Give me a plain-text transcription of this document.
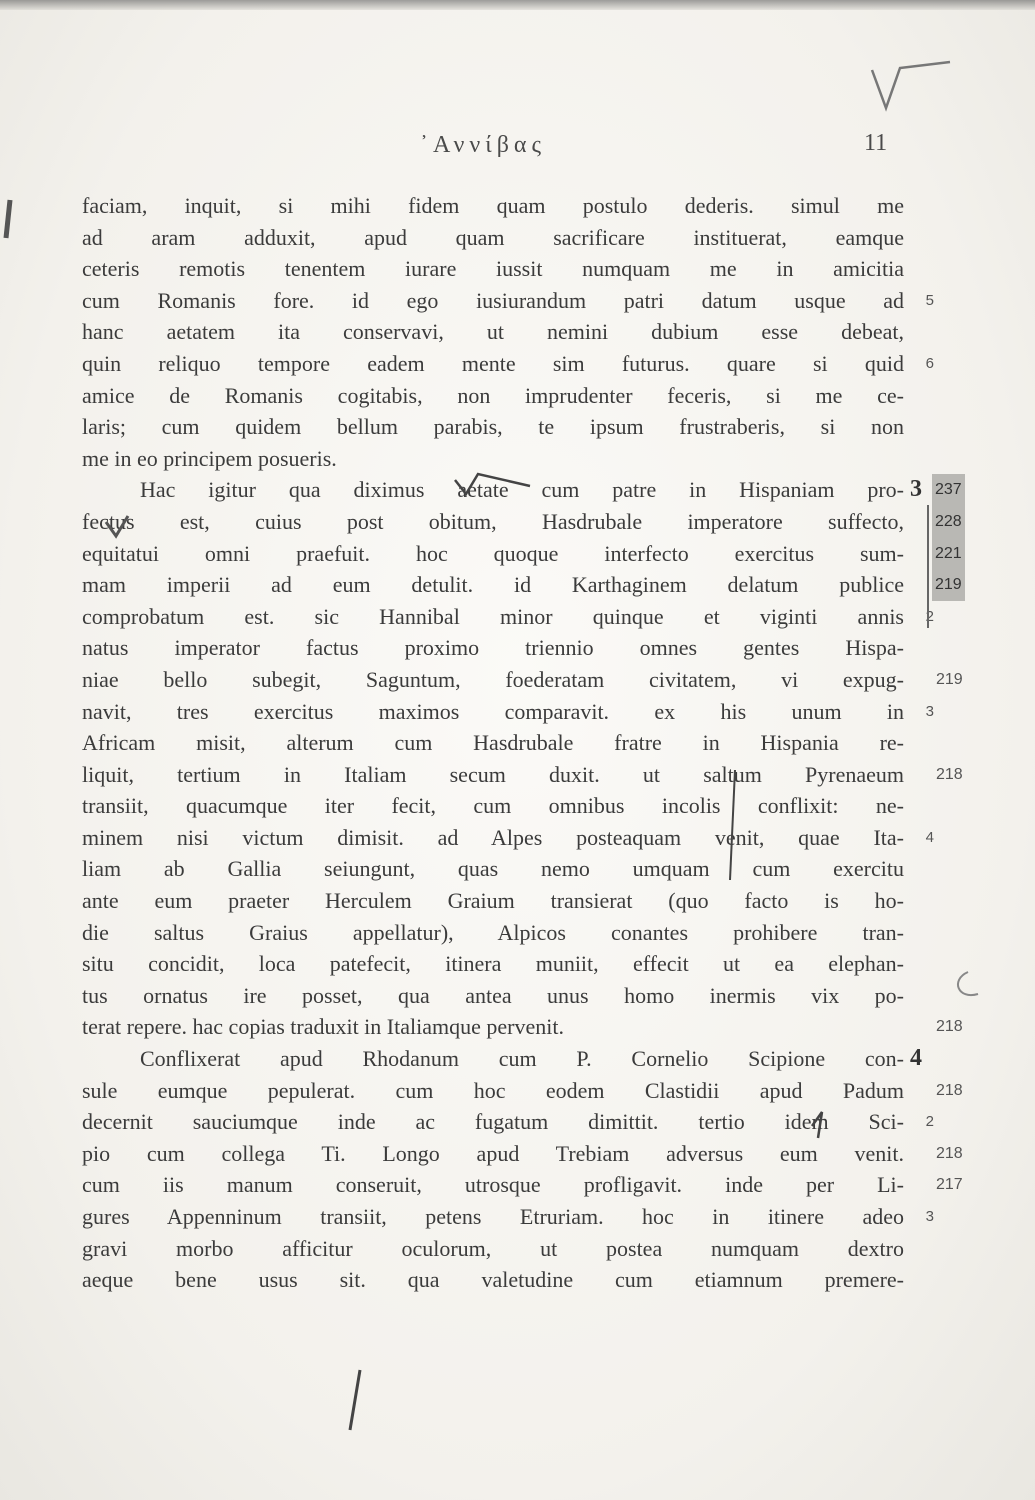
᾿Αννίβας	11
faciam, inquit, si mihi fidem quam postulo dederis. simul me
ad aram adduxit, apud quam sacrificare instituerat, eamque
ceteris remotis tenentem iurare iussit numquam me in amicitia
cum Romanis fore. id ego iusiurandum patri datum usque ad	5
hanc aetatem ita conservavi, ut nemini dubium esse debeat,
quin reliquo tempore eadem mente sim futurus. quare si quid	6
amice de Romanis cogitabis, non imprudenter feceris, si me ce-
laris; cum quidem bellum parabis, te ipsum frustraberis, si non
me in eo principem posueris.
Hac igitur qua diximus aetate cum patre in Hispaniam pro- 3 237
fectus est, cuius post obitum, Hasdrubale imperatore suffecto, 228
equitatui omni praefuit. hoc quoque interfecto exercitus sum- 221
mam imperii ad eum detulit. id Karthaginem delatum publice 219
comprobatum est. sic Hannibal minor quinque et viginti annis	2
natus imperator factus proximo triennio omnes gentes Hispa-
niae bello subegit, Saguntum, foederatam civitatem, vi expug- 219
navit, tres exercitus maximos comparavit. ex his unum in	3
Africam misit, alterum cum Hasdrubale fratre in Hispania re-
liquit, tertium in Italiam secum duxit. ut saltum Pyrenaeum 218
transiit, quacumque iter fecit, cum omnibus incolis conflixit: ne-
minem nisi victum dimisit. ad Alpes posteaquam venit, quae Ita-	4
liam ab Gallia seiungunt, quas nemo umquam cum exercitu
ante eum praeter Herculem Graium transierat (quo facto is ho-
die saltus Graius appellatur), Alpicos conantes prohibere tran-
situ concidit, loca patefecit, itinera muniit, effecit ut ea elephan-
tus ornatus ire posset, qua antea unus homo inermis vix po-
terat repere. hac copias traduxit in Italiamque pervenit.	218
Conflixerat apud Rhodanum cum P. Cornelio Scipione con- 4
sule eumque pepulerat. cum hoc eodem Clastidii apud Padum 218
decernit sauciumque inde ac fugatum dimittit. tertio idem Sci-	2
pio cum collega Ti. Longo apud Trebiam adversus eum venit. 218
cum iis manum conseruit, utrosque profligavit. inde per Li- 217
gures Appenninum transiit, petens Etruriam. hoc in itinere adeo	3
gravi morbo afficitur oculorum, ut postea numquam dextro
aeque bene usus sit. qua valetudine cum etiamnum premere-
